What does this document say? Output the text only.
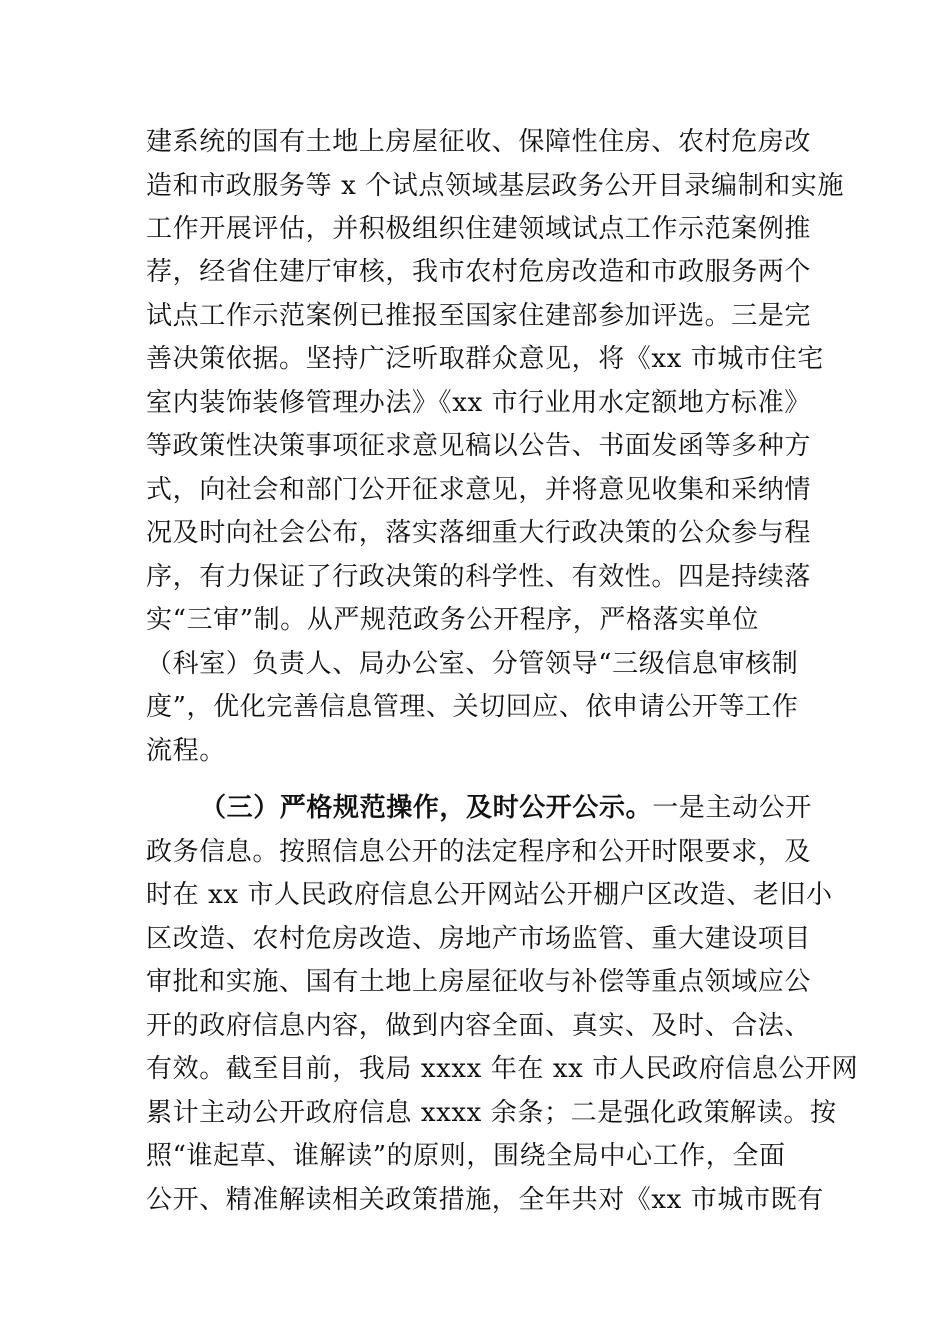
建系统的国有土地上房屋征收、保障性住房、农村危房改
造和市政服务等 x 个试点领域基层政务公开目录编制和实施
工作开展评估，并积极组织住建领域试点工作示范案例推
荐，经省住建厅审核，我市农村危房改造和市政服务两个
试点工作示范案例已推报至国家住建部参加评选。三是完
善决策依据。坚持广泛听取群众意见，将《xx 市城市住宅
室内装饰装修管理办法》《xx 市行业用水定额地方标准》
等政策性决策事项征求意见稿以公告、书面发函等多种方
式，向社会和部门公开征求意见，并将意见收集和采纳情
况及时向社会公布，落实落细重大行政决策的公众参与程
序，有力保证了行政决策的科学性、有效性。四是持续落
实“三审”制。从严规范政务公开程序，严格落实单位
（科室）负责人、局办公室、分管领导“三级信息审核制
度”，优化完善信息管理、关切回应、依申请公开等工作
流程。
（三）严格规范操作，及时公开公示。一是主动公开
政务信息。按照信息公开的法定程序和公开时限要求，及
时在 xx 市人民政府信息公开网站公开棚户区改造、老旧小
区改造、农村危房改造、房地产市场监管、重大建设项目
审批和实施、国有土地上房屋征收与补偿等重点领域应公
开的政府信息内容，做到内容全面、真实、及时、合法、
有效。截至目前，我局 xxxx 年在 xx 市人民政府信息公开网
累计主动公开政府信息 xxxx 余条；二是强化政策解读。按
照“谁起草、谁解读”的原则，围绕全局中心工作，全面
公开、精准解读相关政策措施，全年共对《xx 市城市既有
